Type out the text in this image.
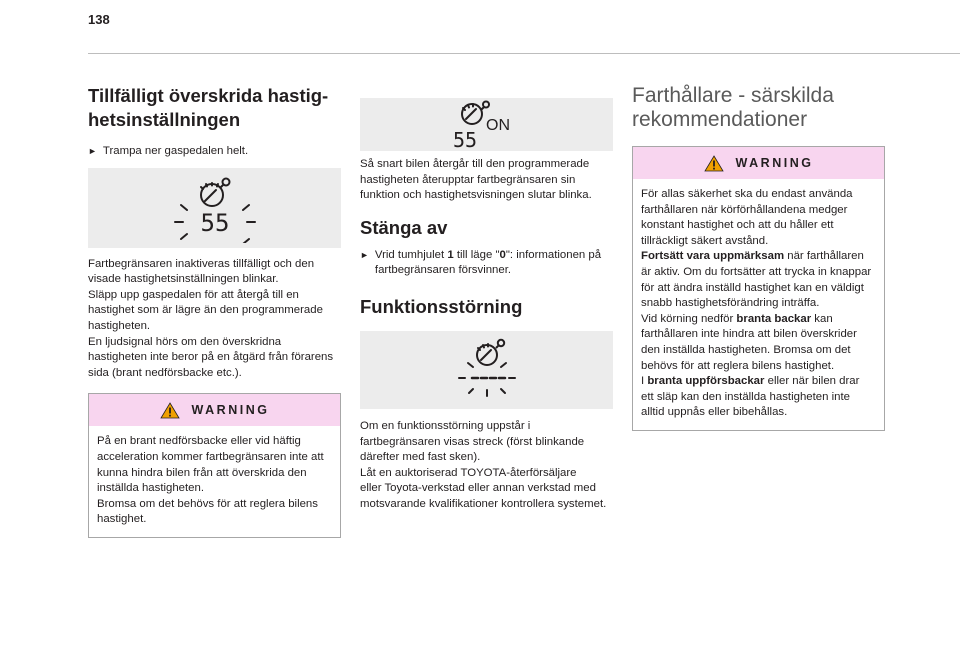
138
Tillfälligt överskrida hastig-
hetsinställningen
► Trampa ner gaspedalen helt.

55

Fartbegränsaren inaktiveras tillfälligt och den

visade hastighetsinställningen blinkar.

Släpp upp gaspedalen för att återgå till en

hastighet som är lägre än den programmerade

hastigheten.

En ljudsignal hörs om den överskridna

hastigheten inte beror på en åtgärd från förarens

sida (brant nedförsbacke etc.).

WARNING

På en brant nedförsbacke eller vid häftig

acceleration kommer fartbegränsaren inte att

kunna hindra bilen från att överskrida den

inställda hastigheten.

Bromsa om det behövs för att reglera bilens

hastighet.

ON
55

Så snart bilen återgår till den programmerade

hastigheten återupptar fartbegränsaren sin

funktion och hastighetsvisningen slutar blinka.

Stänga av
► Vrid tumhjulet 1 till läge "0": informationen på
fartbegränsaren försvinner.

Funktionsstörning

Om en funktionsstörning uppstår i

fartbegränsaren visas streck (först blinkande

därefter med fast sken).

Låt en auktoriserad TOYOTA-återförsäljare

eller Toyota-verkstad eller annan verkstad med

motsvarande kvalifikationer kontrollera systemet.

Farthållare - särskilda
rekommendationer
WARNING

För allas säkerhet ska du endast använda

farthållaren när körförhållandena medger

konstant hastighet och att du håller ett

tillräckligt säkert avstånd.

Fortsätt vara uppmärksam när farthållaren

är aktiv. Om du fortsätter att trycka in knappar

för att ändra inställd hastighet kan en väldigt

snabb hastighetsförändring inträffa.

Vid körning nedför branta backar kan

farthållaren inte hindra att bilen överskrider

den inställda hastigheten. Bromsa om det

behövs för att reglera bilens hastighet.

I branta uppförsbackar eller när bilen drar

ett släp kan den inställda hastigheten inte

alltid uppnås eller bibehållas.
